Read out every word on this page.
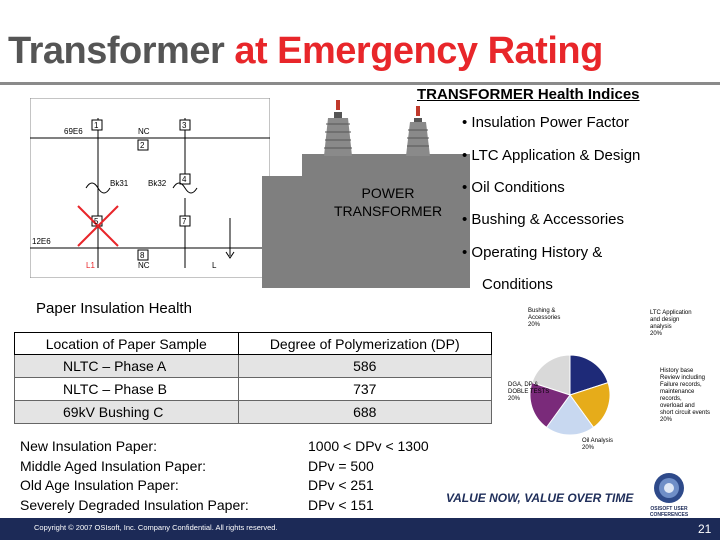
Transformer at Emergency Rating
1	3
2
4
5	7
8
69E6
12E6
NC
NC
Bk31 Bk32
L1	L
POWER
TRANSFORMER
TRANSFORMER Health Indices
• Insulation Power Factor
• LTC Application & Design
• Oil Conditions
• Bushing & Accessories
• Operating History &
Conditions
Paper Insulation Health
Location of Paper Sample	Degree of Polymerization (DP)
NLTC – Phase A	586
NLTC – Phase B	737
69kV Bushing C	688
New Insulation Paper:	1000 < DPv < 1300
Middle Aged Insulation Paper:	DPv = 500
Old Age Insulation Paper:	DPv < 251
Severely Degraded Insulation Paper:	DPv < 151
Bushing & Accessories 20%
LTC Application and design analysis 20%
History base Review including Failure records, maintenance records, overload and short circuit events 20%
Oil Analysis 20%
DGA, DP & DOBLE TESTS 20%
VALUE NOW, VALUE OVER TIME
OSISOFT USER
CONFERENCES
Copyright © 2007 OSIsoft, Inc. Company Confidential. All rights reserved.	21
